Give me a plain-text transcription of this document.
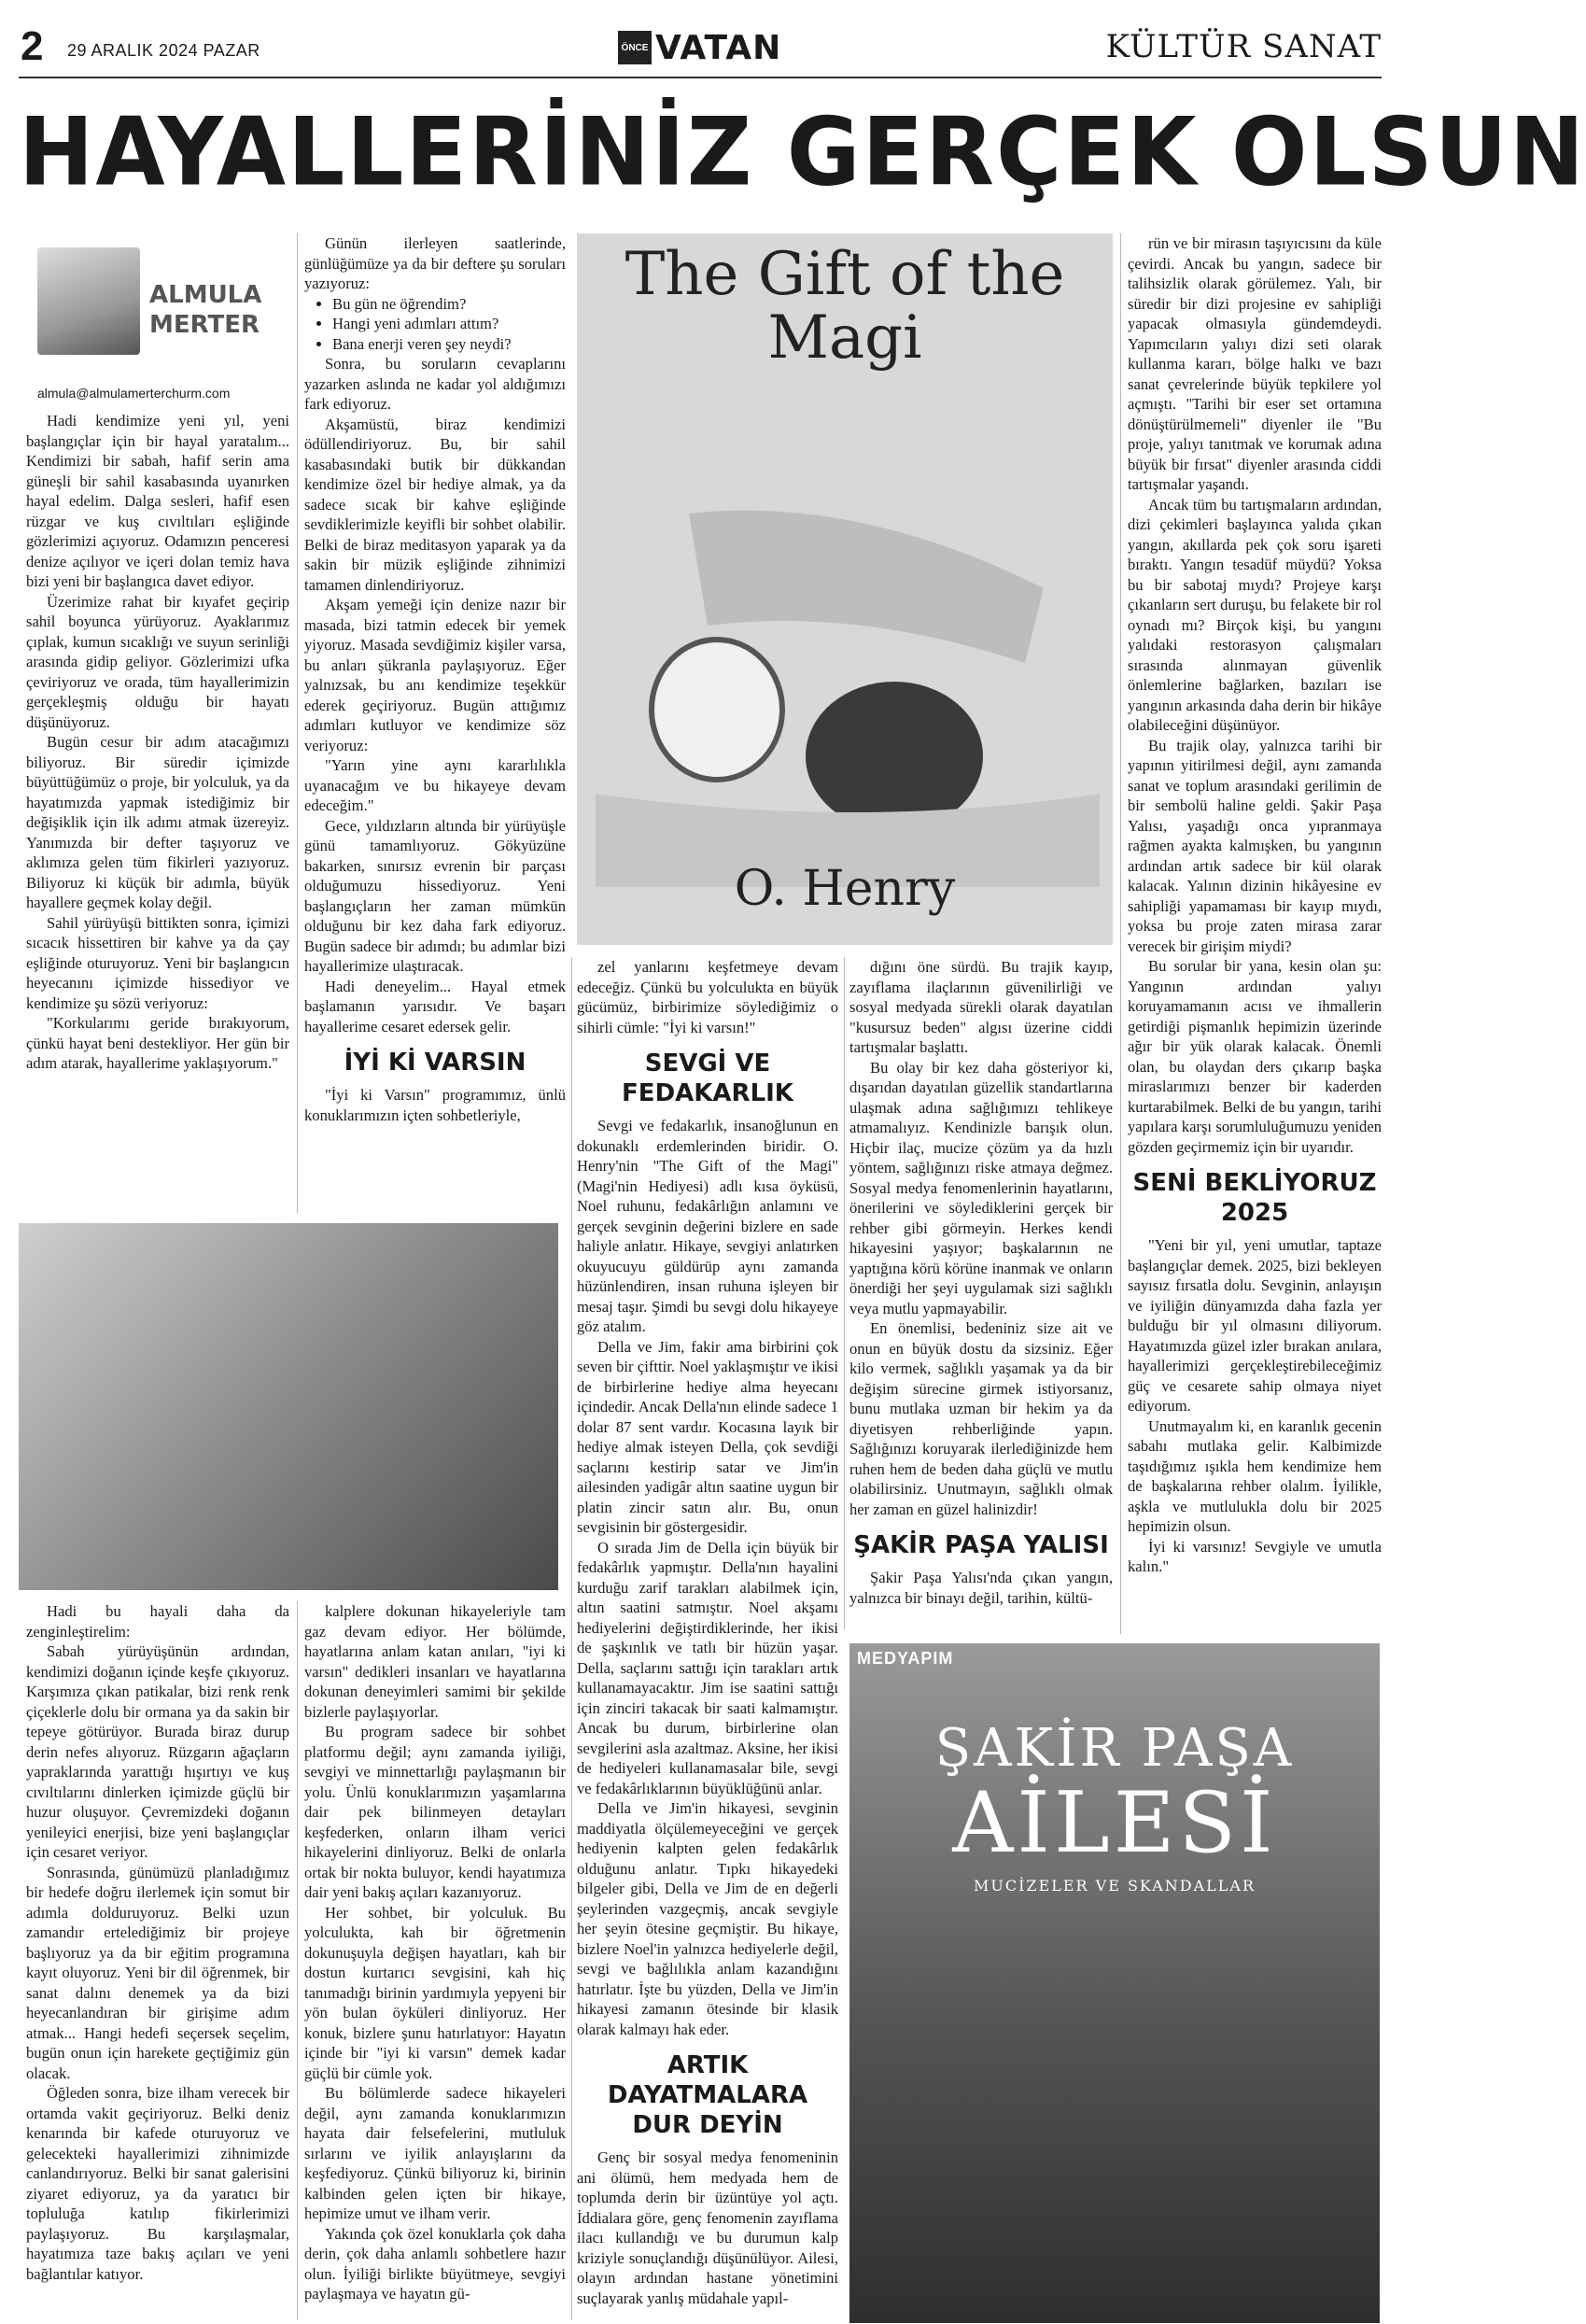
2 29 ARALIK 2024 PAZAR	ÖNCE VATAN	KÜLTÜR SANAT
HAYALLERİNİZ GERÇEK OLSUN
ALMULA
MERTER
almula@almulamerterchurm.com

Hadi kendimize yeni yıl, yeni başlangıçlar için bir hayal yaratalım... Kendimizi bir sabah, hafif serin ama güneşli bir sahil kasabasında uyanırken hayal edelim. Dalga sesleri, hafif esen rüzgar ve kuş cıvıltıları eşliğinde gözlerimizi açıyoruz. Odamızın penceresi denize açılıyor ve içeri dolan temiz hava bizi yeni bir başlangıca davet ediyor.

Üzerimize rahat bir kıyafet geçirip sahil boyunca yürüyoruz. Ayaklarımız çıplak, kumun sıcaklığı ve suyun serinliği arasında gidip geliyor. Gözlerimizi ufka çeviriyoruz ve orada, tüm hayallerimizin gerçekleşmiş olduğu bir hayatı düşünüyoruz.

Bugün cesur bir adım atacağımızı biliyoruz. Bir süredir içimizde büyüttüğümüz o proje, bir yolculuk, ya da hayatımızda yapmak istediğimiz bir değişiklik için ilk adımı atmak üzereyiz. Yanımızda bir defter taşıyoruz ve aklımıza gelen tüm fikirleri yazıyoruz. Biliyoruz ki küçük bir adımla, büyük hayallere geçmek kolay değil.

Sahil yürüyüşü bittikten sonra, içimizi sıcacık hissettiren bir kahve ya da çay eşliğinde oturuyoruz. Yeni bir başlangıcın heyecanını içimizde hissediyor ve kendimize şu sözü veriyoruz:

"Korkularımı geride bırakıyorum, çünkü hayat beni destekliyor. Her gün bir adım atarak, hayallerime yaklaşıyorum."

Günün ilerleyen saatlerinde, günlüğümüze ya da bir deftere şu soruları yazıyoruz:

• Bu gün ne öğrendim?
• Hangi yeni adımları attım?
• Bana enerji veren şey neydi?

Sonra, bu soruların cevaplarını yazarken aslında ne kadar yol aldığımızı fark ediyoruz.

Akşamüstü, biraz kendimizi ödüllendiriyoruz. Bu, bir sahil kasabasındaki butik bir dükkandan kendimize özel bir hediye almak, ya da sadece sıcak bir kahve eşliğinde sevdiklerimizle keyifli bir sohbet olabilir. Belki de biraz meditasyon yaparak ya da sakin bir müzik eşliğinde zihnimizi tamamen dinlendiriyoruz.

Akşam yemeği için denize nazır bir masada, bizi tatmin edecek bir yemek yiyoruz. Masada sevdiğimiz kişiler varsa, bu anları şükranla paylaşıyoruz. Eğer yalnızsak, bu anı kendimize teşekkür ederek geçiriyoruz. Bugün attığımız adımları kutluyor ve kendimize söz veriyoruz:

"Yarın yine aynı kararlılıkla uyanacağım ve bu hikayeye devam edeceğim."

Gece, yıldızların altında bir yürüyüşle günü tamamlıyoruz. Gökyüzüne bakarken, sınırsız evrenin bir parçası olduğumuzu hissediyoruz. Yeni başlangıçların her zaman mümkün olduğunu bir kez daha fark ediyoruz. Bugün sadece bir adımdı; bu adımlar bizi hayallerimize ulaştıracak.

Hadi deneyelim... Hayal etmek başlamanın yarısıdır. Ve başarı hayallerime cesaret edersek gelir.

İYİ Kİ VARSIN

"İyi ki Varsın" programımız, ünlü konuklarımızın içten sohbetleriyle,

The Gift of the Magi
O. Henry

rün ve bir mirasın taşıyıcısını da küle çevirdi. Ancak bu yangın, sadece bir talihsizlik olarak görülemez. Yalı, bir süredir bir dizi projesine ev sahipliği yapacak olmasıyla gündemdeydi. Yapımcıların yalıyı dizi seti olarak kullanma kararı, bölge halkı ve bazı sanat çevrelerinde büyük tepkilere yol açmıştı. "Tarihi bir eser set ortamına dönüştürülmemeli" diyenler ile "Bu proje, yalıyı tanıtmak ve korumak adına büyük bir fırsat" diyenler arasında ciddi tartışmalar yaşandı.

Ancak tüm bu tartışmaların ardından, dizi çekimleri başlayınca yalıda çıkan yangın, akıllarda pek çok soru işareti bıraktı. Yangın tesadüf müydü? Yoksa bu bir sabotaj mıydı? Projeye karşı çıkanların sert duruşu, bu felakete bir rol oynadı mı? Birçok kişi, bu yangını yalıdaki restorasyon çalışmaları sırasında alınmayan güvenlik önlemlerine bağlarken, bazıları ise yangının arkasında daha derin bir hikâye olabileceğini düşünüyor.

Bu trajik olay, yalnızca tarihi bir yapının yitirilmesi değil, aynı zamanda sanat ve toplum arasındaki gerilimin de bir sembolü haline geldi. Şakir Paşa Yalısı, yaşadığı onca yıpranmaya rağmen ayakta kalmışken, bu yangının ardından artık sadece bir kül olarak kalacak. Yalının dizinin hikâyesine ev sahipliği yapamaması bir kayıp mıydı, yoksa bu proje zaten mirasa zarar verecek bir girişim miydi?

Bu sorular bir yana, kesin olan şu: Yangının ardından yalıyı koruyamamanın acısı ve ihmallerin getirdiği pişmanlık hepimizin üzerinde ağır bir yük olarak kalacak. Önemli olan, bu olaydan ders çıkarıp başka miraslarımızı benzer bir kaderden kurtarabilmek. Belki de bu yangın, tarihi yapılara karşı sorumluluğumuzu yeniden gözden geçirmemiz için bir uyarıdır.

SENİ BEKLİYORUZ 2025

"Yeni bir yıl, yeni umutlar, taptaze başlangıçlar demek. 2025, bizi bekleyen sayısız fırsatla dolu. Sevginin, anlayışın ve iyiliğin dünyamızda daha fazla yer bulduğu bir yıl olmasını diliyorum. Hayatımızda güzel izler bırakan anılara, hayallerimizi gerçekleştirebileceğimiz güç ve cesarete sahip olmaya niyet ediyorum.

Unutmayalım ki, en karanlık gecenin sabahı mutlaka gelir. Kalbimizde taşıdığımız ışıkla hem kendimize hem de başkalarına rehber olalım. İyilikle, aşkla ve mutlulukla dolu bir 2025 hepimizin olsun.

İyi ki varsınız! Sevgiyle ve umutla kalın."

zel yanlarını keşfetmeye devam edeceğiz. Çünkü bu yolculukta en büyük gücümüz, birbirimize söylediğimiz o sihirli cümle: "İyi ki varsın!"

SEVGİ VE FEDAKARLIK

Sevgi ve fedakarlık, insanoğlunun en dokunaklı erdemlerinden biridir. O. Henry'nin "The Gift of the Magi" (Magi'nin Hediyesi) adlı kısa öyküsü, Noel ruhunu, fedakârlığın anlamını ve gerçek sevginin değerini bizlere en sade haliyle anlatır. Hikaye, sevgiyi anlatırken okuyucuyu güldürüp aynı zamanda hüzünlendiren, insan ruhuna işleyen bir mesaj taşır. Şimdi bu sevgi dolu hikayeye göz atalım.

Della ve Jim, fakir ama birbirini çok seven bir çifttir. Noel yaklaşmıştır ve ikisi de birbirlerine hediye alma heyecanı içindedir. Ancak Della'nın elinde sadece 1 dolar 87 sent vardır. Kocasına layık bir hediye almak isteyen Della, çok sevdiği saçlarını kestirip satar ve Jim'in ailesinden yadigâr altın saatine uygun bir platin zincir satın alır. Bu, onun sevgisinin bir göstergesidir.

O sırada Jim de Della için büyük bir fedakârlık yapmıştır. Della'nın hayalini kurduğu zarif tarakları alabilmek için, altın saatini satmıştır. Noel akşamı hediyelerini değiştirdiklerinde, her ikisi de şaşkınlık ve tatlı bir hüzün yaşar. Della, saçlarını sattığı için tarakları artık kullanamayacaktır. Jim ise saatini sattığı için zinciri takacak bir saati kalmamıştır. Ancak bu durum, birbirlerine olan sevgilerini asla azaltmaz. Aksine, her ikisi de hediyeleri kullanamasalar bile, sevgi ve fedakârlıklarının büyüklüğünü anlar.

Della ve Jim'in hikayesi, sevginin maddiyatla ölçülemeyeceğini ve gerçek hediyenin kalpten gelen fedakârlık olduğunu anlatır. Tıpkı hikayedeki bilgeler gibi, Della ve Jim de en değerli şeylerinden vazgeçmiş, ancak sevgiyle her şeyin ötesine geçmiştir. Bu hikaye, bizlere Noel'in yalnızca hediyelerle değil, sevgi ve bağlılıkla anlam kazandığını hatırlatır. İşte bu yüzden, Della ve Jim'in hikayesi zamanın ötesinde bir klasik olarak kalmayı hak eder.

ARTIK DAYATMALARA DUR DEYİN

Genç bir sosyal medya fenomeninin ani ölümü, hem medyada hem de toplumda derin bir üzüntüye yol açtı. İddialara göre, genç fenomenin zayıflama ilacı kullandığı ve bu durumun kalp kriziyle sonuçlandığı düşünülüyor. Ailesi, olayın ardından hastane yönetimini suçlayarak yanlış müdahale yapıl-

dığını öne sürdü. Bu trajik kayıp, zayıflama ilaçlarının güvenilirliği ve sosyal medyada sürekli olarak dayatılan "kusursuz beden" algısı üzerine ciddi tartışmalar başlattı.

Bu olay bir kez daha gösteriyor ki, dışarıdan dayatılan güzellik standartlarına ulaşmak adına sağlığımızı tehlikeye atmamalıyız. Kendinizle barışık olun. Hiçbir ilaç, mucize çözüm ya da hızlı yöntem, sağlığınızı riske atmaya değmez. Sosyal medya fenomenlerinin hayatlarını, önerilerini ve söylediklerini gerçek bir rehber gibi görmeyin. Herkes kendi hikayesini yaşıyor; başkalarının ne yaptığına körü körüne inanmak ve onların önerdiği her şeyi uygulamak sizi sağlıklı veya mutlu yapmayabilir.

En önemlisi, bedeniniz size ait ve onun en büyük dostu da sizsiniz. Eğer kilo vermek, sağlıklı yaşamak ya da bir değişim sürecine girmek istiyorsanız, bunu mutlaka uzman bir hekim ya da diyetisyen rehberliğinde yapın. Sağlığınızı koruyarak ilerlediğinizde hem ruhen hem de beden daha güçlü ve mutlu olabilirsiniz. Unutmayın, sağlıklı olmak her zaman en güzel halinizdir!

ŞAKİR PAŞA YALISI

Şakir Paşa Yalısı'nda çıkan yangın, yalnızca bir binayı değil, tarihin, kültü-

Hadi bu hayali daha da zenginleştirelim:

Sabah yürüyüşünün ardından, kendimizi doğanın içinde keşfe çıkıyoruz. Karşımıza çıkan patikalar, bizi renk renk çiçeklerle dolu bir ormana ya da sakin bir tepeye götürüyor. Burada biraz durup derin nefes alıyoruz. Rüzgarın ağaçların yapraklarında yarattığı hışırtıyı ve kuş cıvıltılarını dinlerken içimizde güçlü bir huzur oluşuyor. Çevremizdeki doğanın yenileyici enerjisi, bize yeni başlangıçlar için cesaret veriyor.

Sonrasında, günümüzü planladığımız bir hedefe doğru ilerlemek için somut bir adımla dolduruyoruz. Belki uzun zamandır ertelediğimiz bir projeye başlıyoruz ya da bir eğitim programına kayıt oluyoruz. Yeni bir dil öğrenmek, bir sanat dalını denemek ya da bizi heyecanlandıran bir girişime adım atmak... Hangi hedefi seçersek seçelim, bugün onun için harekete geçtiğimiz gün olacak.

Öğleden sonra, bize ilham verecek bir ortamda vakit geçiriyoruz. Belki deniz kenarında bir kafede oturuyoruz ve gelecekteki hayallerimizi zihnimizde canlandırıyoruz. Belki bir sanat galerisini ziyaret ediyoruz, ya da yaratıcı bir topluluğa katılıp fikirlerimizi paylaşıyoruz. Bu karşılaşmalar, hayatımıza taze bakış açıları ve yeni bağlantılar katıyor.

kalplere dokunan hikayeleriyle tam gaz devam ediyor. Her bölümde, hayatlarına anlam katan anıları, "iyi ki varsın" dedikleri insanları ve hayatlarına dokunan deneyimleri samimi bir şekilde bizlerle paylaşıyorlar.

Bu program sadece bir sohbet platformu değil; aynı zamanda iyiliği, sevgiyi ve minnettarlığı paylaşmanın bir yolu. Ünlü konuklarımızın yaşamlarına dair pek bilinmeyen detayları keşfederken, onların ilham verici hikayelerini dinliyoruz. Belki de onlarla ortak bir nokta buluyor, kendi hayatımıza dair yeni bakış açıları kazanıyoruz.

Her sohbet, bir yolculuk. Bu yolculukta, kah bir öğretmenin dokunuşuyla değişen hayatları, kah bir dostun kurtarıcı sevgisini, kah hiç tanımadığı birinin yardımıyla yepyeni bir yön bulan öyküleri dinliyoruz. Her konuk, bizlere şunu hatırlatıyor: Hayatın içinde bir "iyi ki varsın" demek kadar güçlü bir cümle yok.

Bu bölümlerde sadece hikayeleri değil, aynı zamanda konuklarımızın hayata dair felsefelerini, mutluluk sırlarını ve iyilik anlayışlarını da keşfediyoruz. Çünkü biliyoruz ki, birinin kalbinden gelen içten bir hikaye, hepimize umut ve ilham verir.

Yakında çok özel konuklarla çok daha derin, çok daha anlamlı sohbetlere hazır olun. İyiliği birlikte büyütmeye, sevgiyi paylaşmaya ve hayatın gü-

MEDYAPIM
ŞAKİR PAŞA
AİLESİ
MUCİZELER VE SKANDALLAR
